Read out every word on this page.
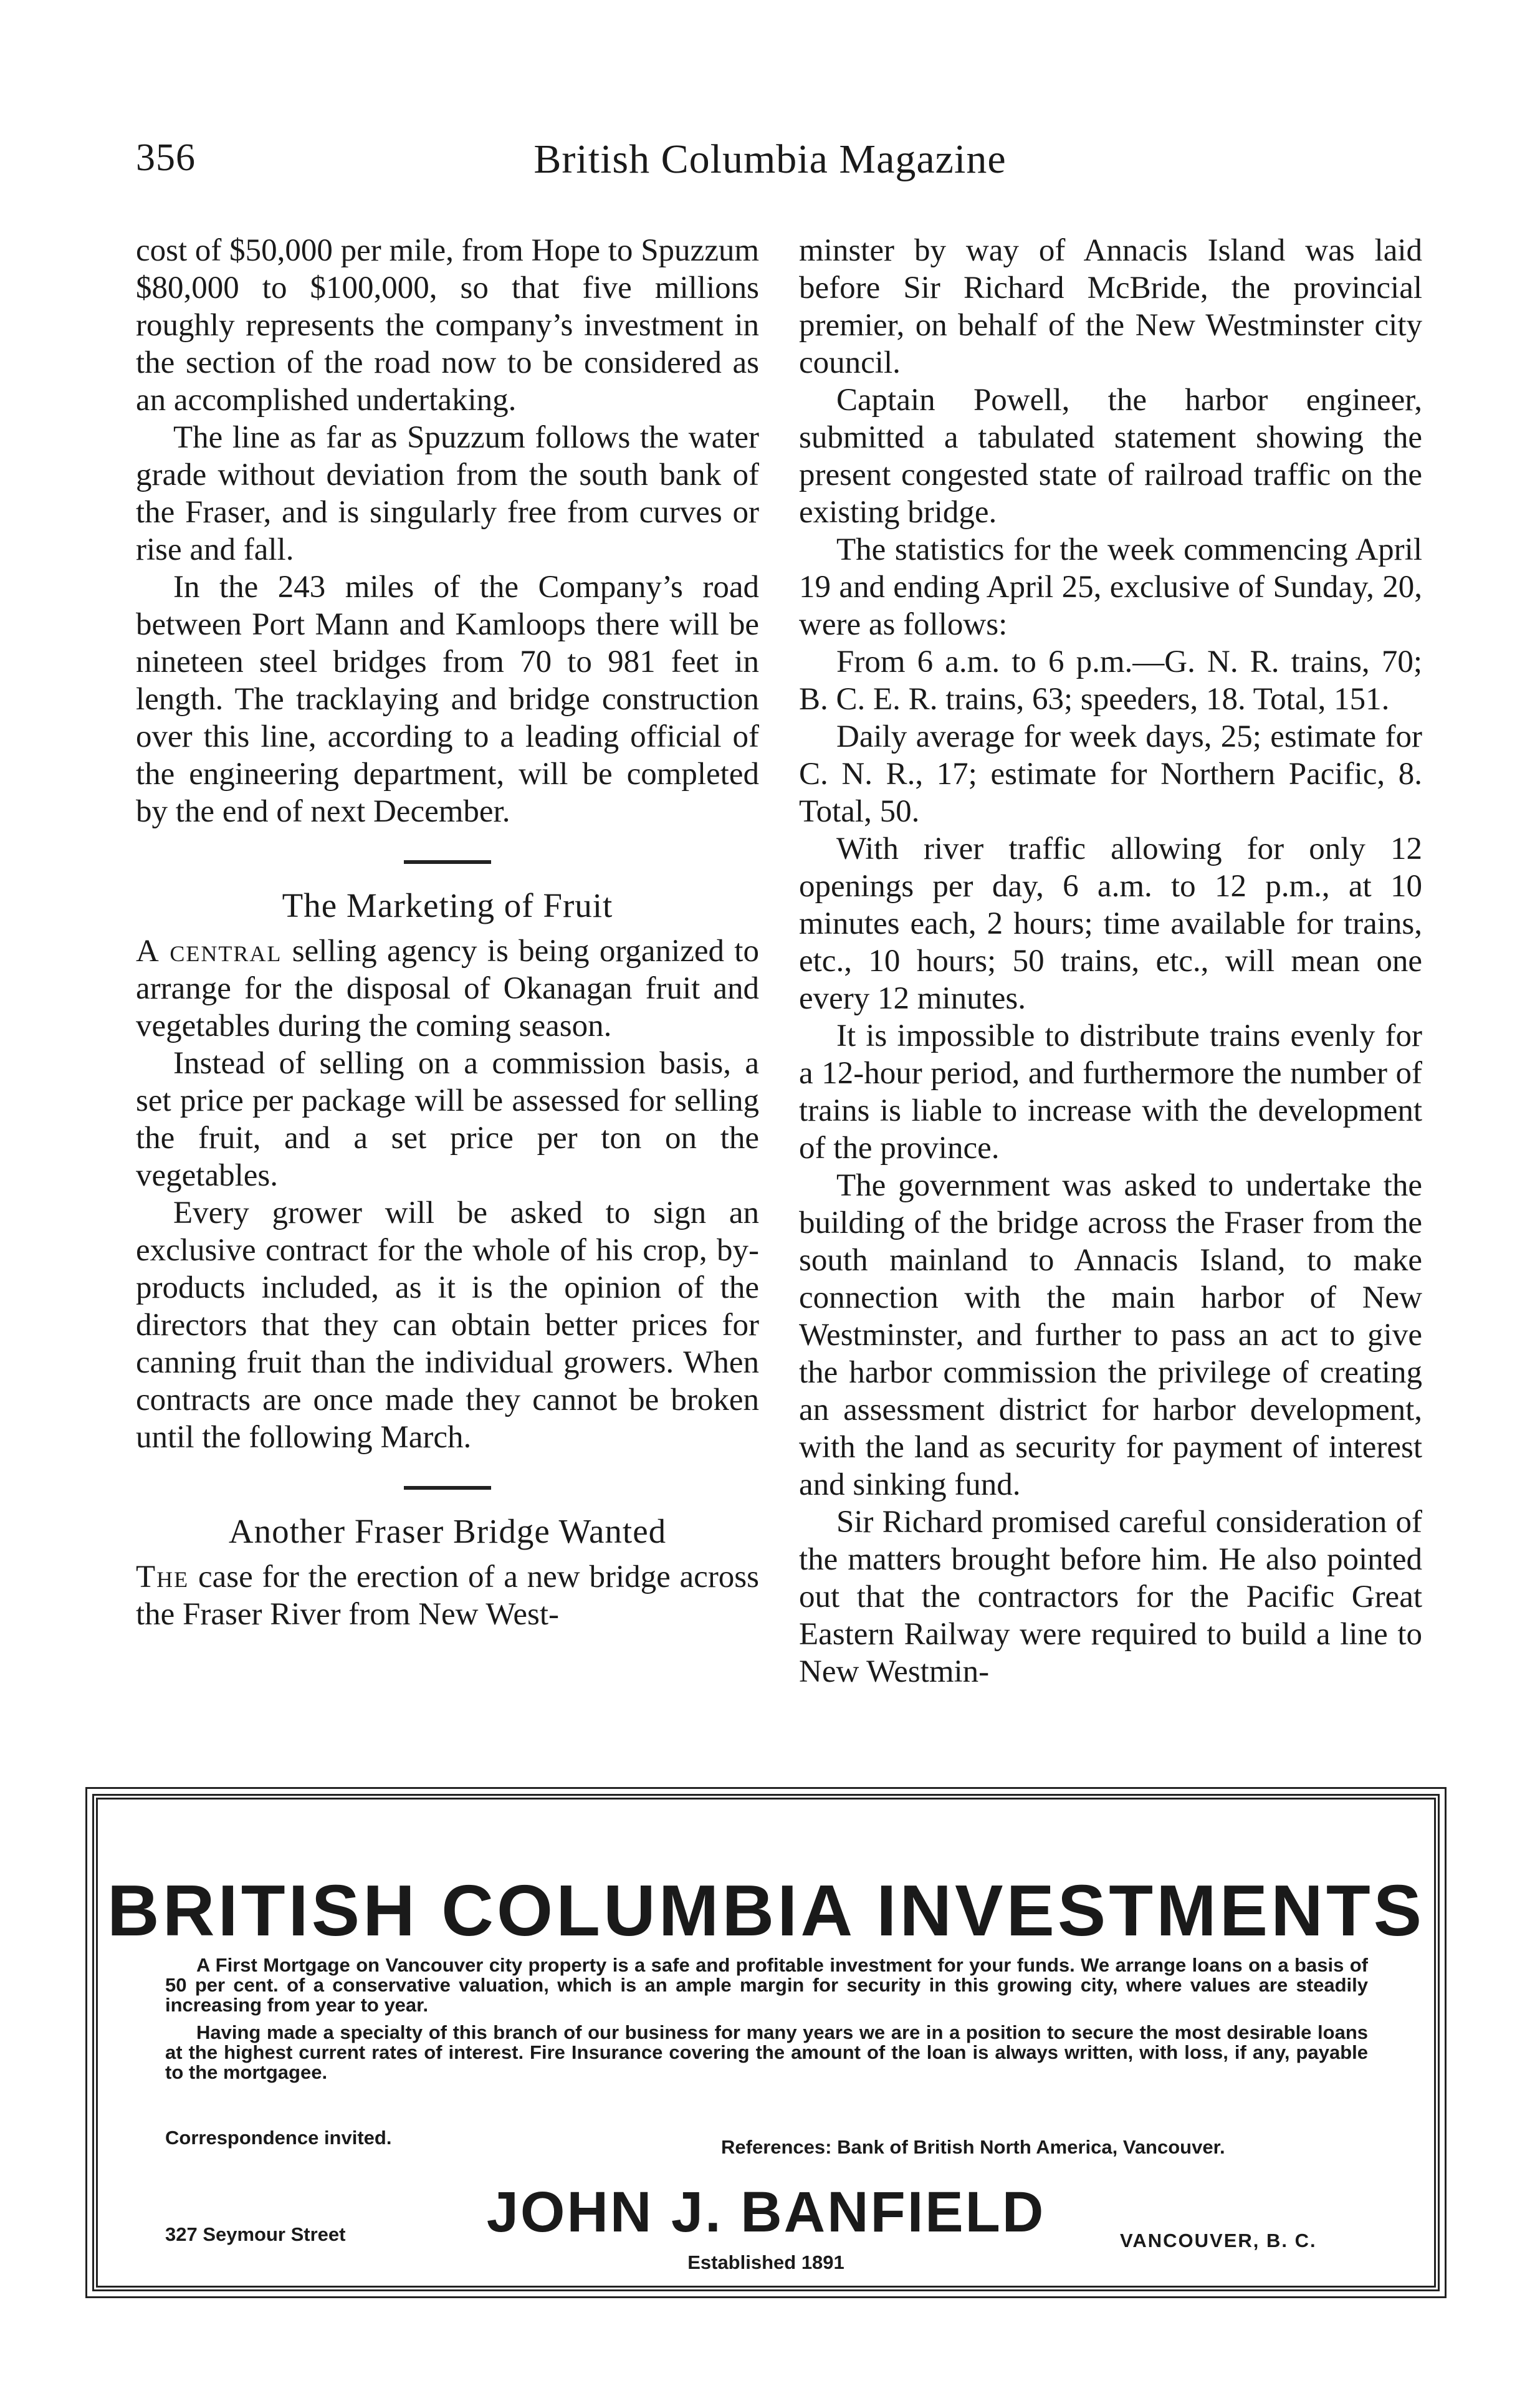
356	British Columbia Magazine

cost of $50,000 per mile, from Hope to Spuzzum $80,000 to $100,000, so that five millions roughly represents the company’s investment in the section of the road now to be considered as an accomplished undertaking.

The line as far as Spuzzum follows the water grade without deviation from the south bank of the Fraser, and is singularly free from curves or rise and fall.

In the 243 miles of the Company’s road between Port Mann and Kamloops there will be nineteen steel bridges from 70 to 981 feet in length. The tracklaying and bridge construction over this line, according to a leading official of the engineering department, will be completed by the end of next December.

The Marketing of Fruit

A central selling agency is being organized to arrange for the disposal of Okanagan fruit and vegetables during the coming season.

Instead of selling on a commission basis, a set price per package will be assessed for selling the fruit, and a set price per ton on the vegetables.

Every grower will be asked to sign an exclusive contract for the whole of his crop, by-products included, as it is the opinion of the directors that they can obtain better prices for canning fruit than the individual growers. When contracts are once made they cannot be broken until the following March.

Another Fraser Bridge Wanted

The case for the erection of a new bridge across the Fraser River from New West-

minster by way of Annacis Island was laid before Sir Richard McBride, the provincial premier, on behalf of the New Westminster city council.

Captain Powell, the harbor engineer, submitted a tabulated statement showing the present congested state of railroad traffic on the existing bridge.

The statistics for the week commencing April 19 and ending April 25, exclusive of Sunday, 20, were as follows:

From 6 a.m. to 6 p.m.—G. N. R. trains, 70; B. C. E. R. trains, 63; speeders, 18. Total, 151.

Daily average for week days, 25; estimate for C. N. R., 17; estimate for Northern Pacific, 8. Total, 50.

With river traffic allowing for only 12 openings per day, 6 a.m. to 12 p.m., at 10 minutes each, 2 hours; time available for trains, etc., 10 hours; 50 trains, etc., will mean one every 12 minutes.

It is impossible to distribute trains evenly for a 12-hour period, and furthermore the number of trains is liable to increase with the development of the province.

The government was asked to undertake the building of the bridge across the Fraser from the south mainland to Annacis Island, to make connection with the main harbor of New Westminster, and further to pass an act to give the harbor commission the privilege of creating an assessment district for harbor development, with the land as security for payment of interest and sinking fund.

Sir Richard promised careful consideration of the matters brought before him. He also pointed out that the contractors for the Pacific Great Eastern Railway were required to build a line to New Westmin-

BRITISH COLUMBIA INVESTMENTS

A First Mortgage on Vancouver city property is a safe and profitable investment for your funds. We arrange loans on a basis of 50 per cent. of a conservative valuation, which is an ample margin for security in this growing city, where values are steadily increasing from year to year.

Having made a specialty of this branch of our business for many years we are in a position to secure the most desirable loans at the highest current rates of interest. Fire Insurance covering the amount of the loan is always written, with loss, if any, payable to the mortgagee.

Correspondence invited.	References: Bank of British North America, Vancouver.
JOHN J. BANFIELD
327 Seymour Street	VANCOUVER, B. C.
Established 1891
